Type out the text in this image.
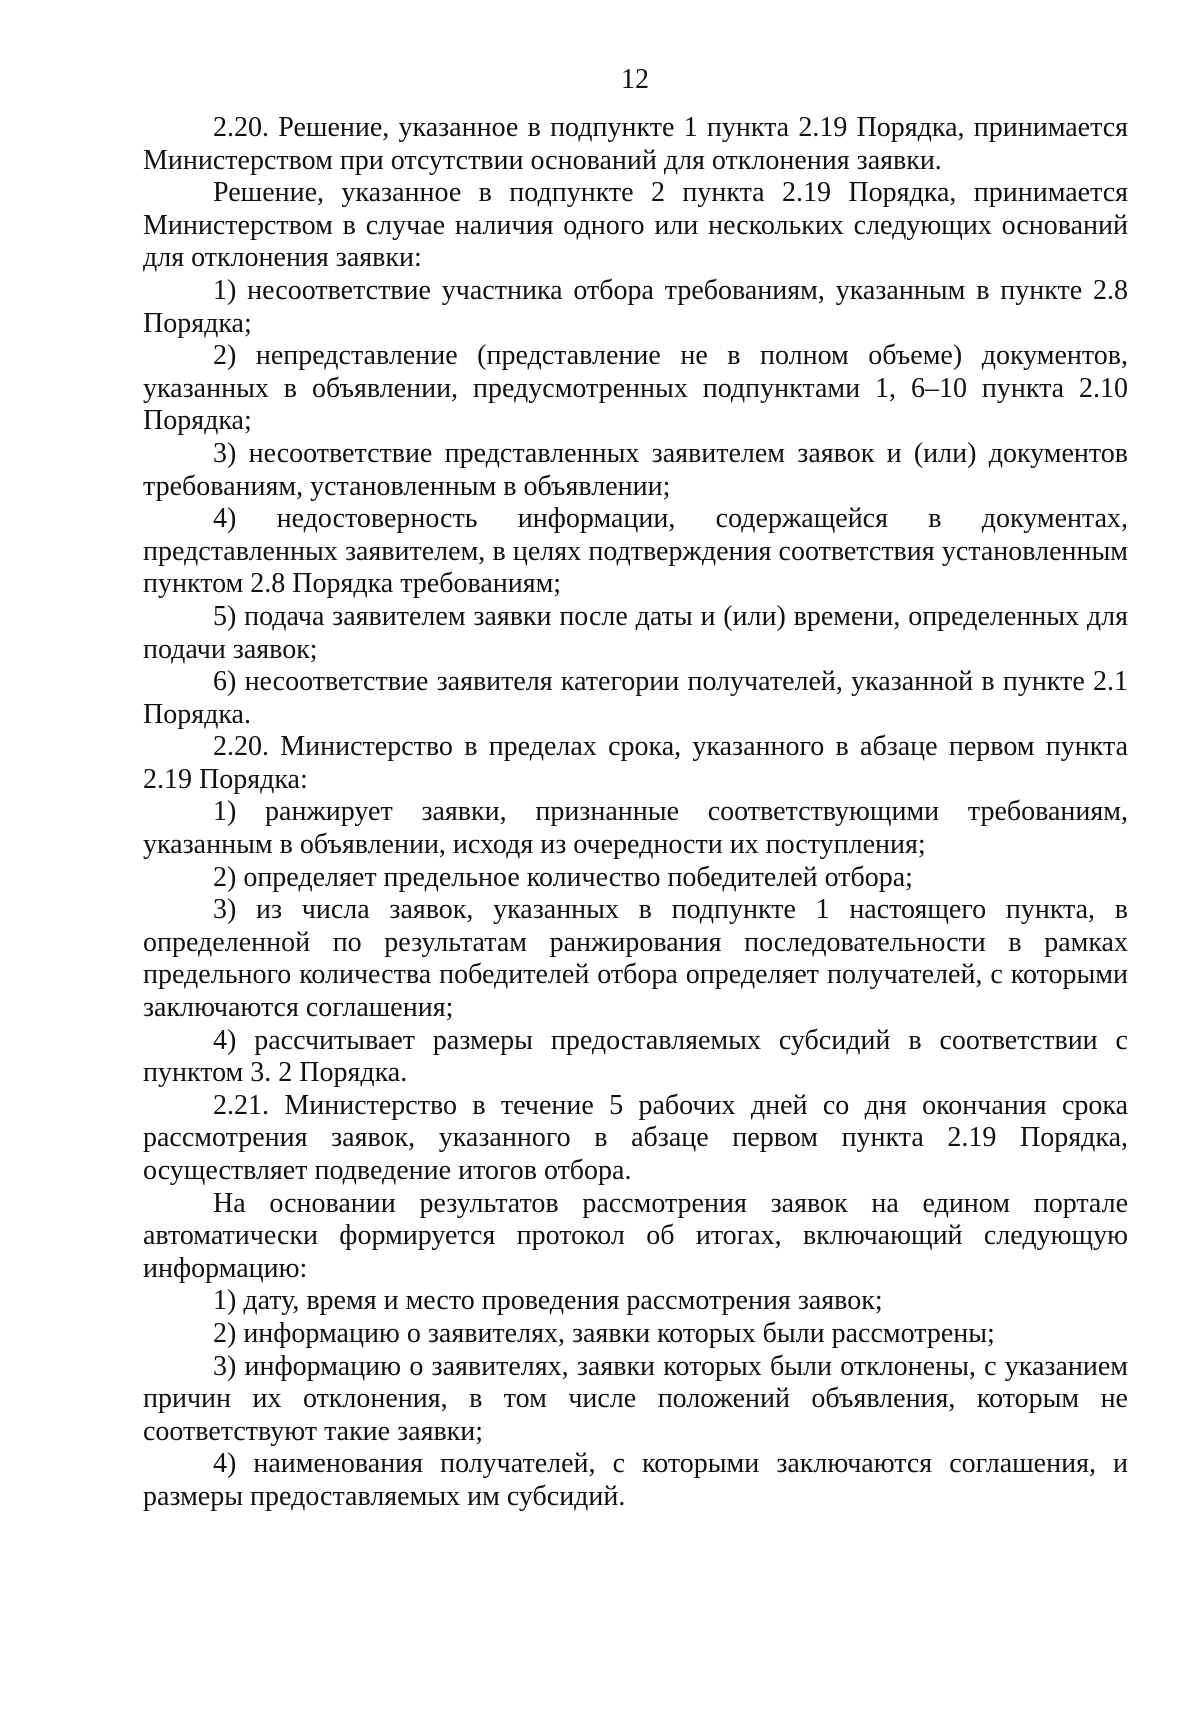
12

2.20. Решение, указанное в подпункте 1 пункта 2.19 Порядка, принимается Министерством при отсутствии оснований для отклонения заявки.

Решение, указанное в подпункте 2 пункта 2.19 Порядка, принимается Министерством в случае наличия одного или нескольких следующих оснований для отклонения заявки:

1) несоответствие участника отбора требованиям, указанным в пункте 2.8 Порядка;

2) непредставление (представление не в полном объеме) документов, указанных в объявлении, предусмотренных подпунктами 1, 6–10 пункта 2.10 Порядка;

3) несоответствие представленных заявителем заявок и (или) документов требованиям, установленным в объявлении;

4) недостоверность информации, содержащейся в документах, представленных заявителем, в целях подтверждения соответствия установленным пунктом 2.8 Порядка требованиям;

5) подача заявителем заявки после даты и (или) времени, определенных для подачи заявок;

6) несоответствие заявителя категории получателей, указанной в пункте 2.1 Порядка.

2.20. Министерство в пределах срока, указанного в абзаце первом пункта 2.19 Порядка:

1) ранжирует заявки, признанные соответствующими требованиям, указанным в объявлении, исходя из очередности их поступления;

2) определяет предельное количество победителей отбора;

3) из числа заявок, указанных в подпункте 1 настоящего пункта, в определенной по результатам ранжирования последовательности в рамках предельного количества победителей отбора определяет получателей, с которыми заключаются соглашения;

4) рассчитывает размеры предоставляемых субсидий в соответствии с пунктом 3. 2 Порядка.

2.21. Министерство в течение 5 рабочих дней со дня окончания срока рассмотрения заявок, указанного в абзаце первом пункта 2.19 Порядка, осуществляет подведение итогов отбора.

На основании результатов рассмотрения заявок на едином портале автоматически формируется протокол об итогах, включающий следующую информацию:

1) дату, время и место проведения рассмотрения заявок;

2) информацию о заявителях, заявки которых были рассмотрены;

3) информацию о заявителях, заявки которых были отклонены, с указанием причин их отклонения, в том числе положений объявления, которым не соответствуют такие заявки;

4) наименования получателей, с которыми заключаются соглашения, и размеры предоставляемых им субсидий.
